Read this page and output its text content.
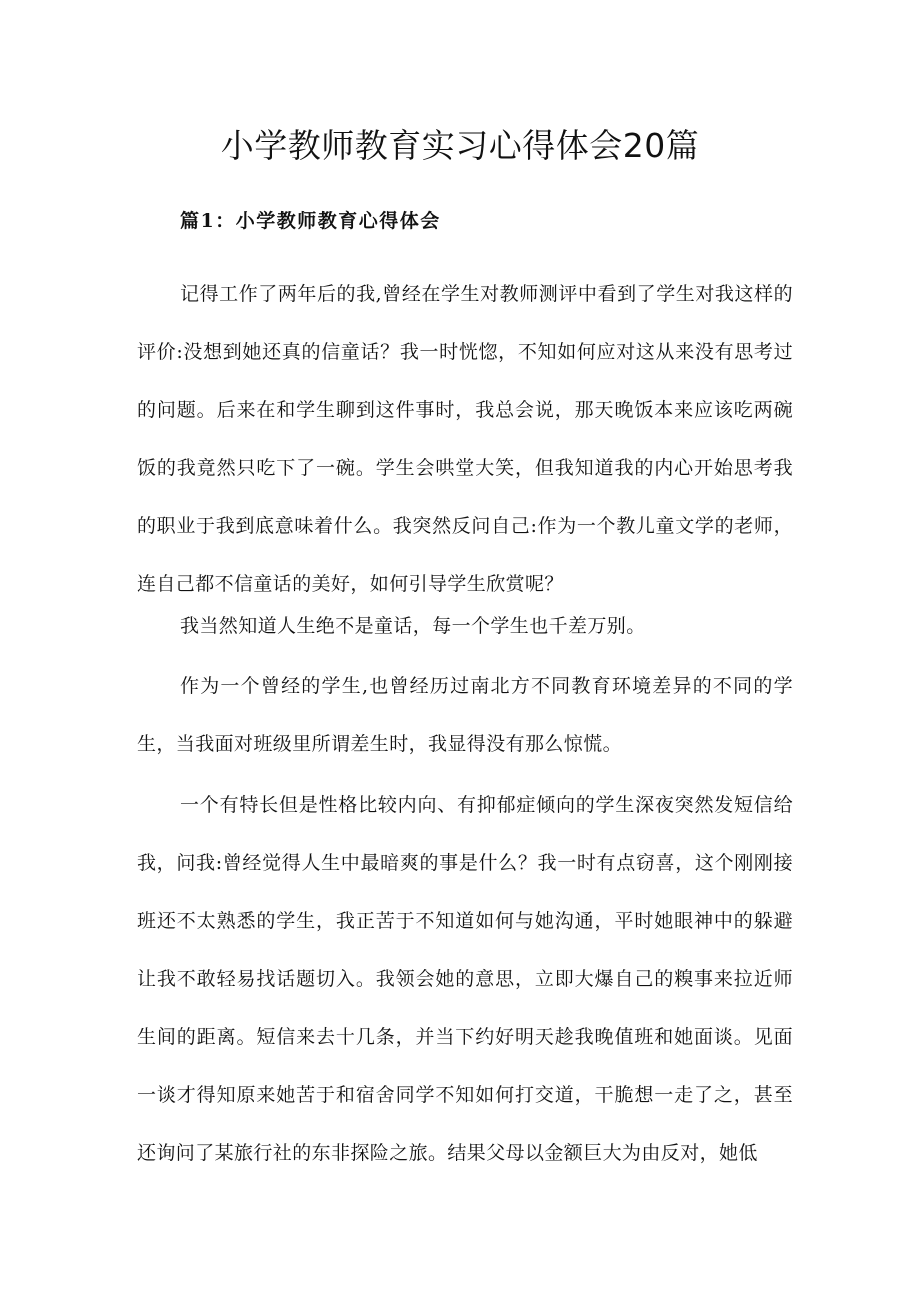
小学教师教育实习心得体会20篇
篇1：小学教师教育心得体会

记得工作了两年后的我,曾经在学生对教师测评中看到了学生对我这样的评价:没想到她还真的信童话？我一时恍惚，不知如何应对这从来没有思考过的问题。后来在和学生聊到这件事时，我总会说，那天晚饭本来应该吃两碗饭的我竟然只吃下了一碗。学生会哄堂大笑，但我知道我的内心开始思考我的职业于我到底意味着什么。我突然反问自己:作为一个教儿童文学的老师，连自己都不信童话的美好，如何引导学生欣赏呢？

我当然知道人生绝不是童话，每一个学生也千差万别。

作为一个曾经的学生,也曾经历过南北方不同教育环境差异的不同的学生，当我面对班级里所谓差生时，我显得没有那么惊慌。

一个有特长但是性格比较内向、有抑郁症倾向的学生深夜突然发短信给我，问我:曾经觉得人生中最暗爽的事是什么？我一时有点窃喜，这个刚刚接班还不太熟悉的学生，我正苦于不知道如何与她沟通，平时她眼神中的躲避让我不敢轻易找话题切入。我领会她的意思，立即大爆自己的糗事来拉近师生间的距离。短信来去十几条，并当下约好明天趁我晚值班和她面谈。见面一谈才得知原来她苦于和宿舍同学不知如何打交道，干脆想一走了之，甚至还询问了某旅行社的东非探险之旅。结果父母以金额巨大为由反对，她低
